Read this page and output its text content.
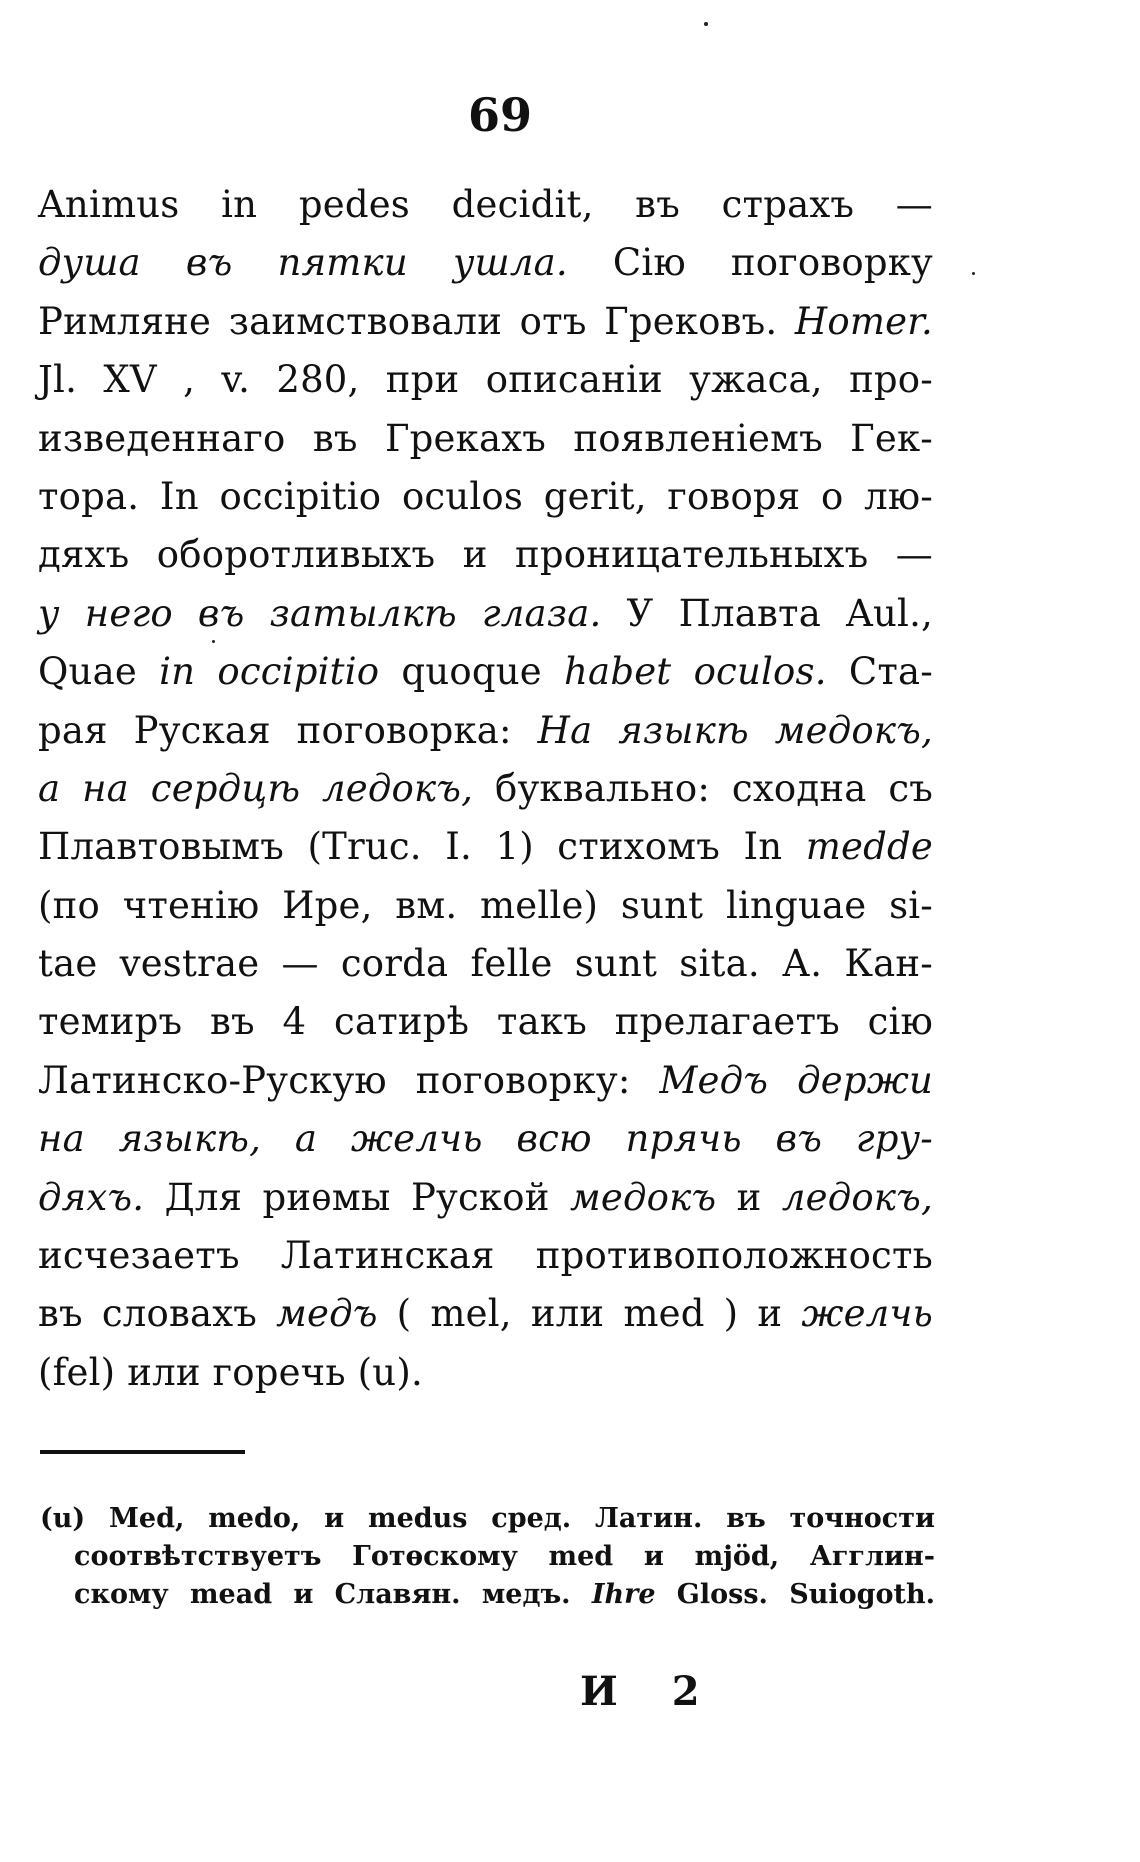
69
Animus in pedes decidit, въ страхъ —
душа въ пятки ушла. Сію поговорку
Римляне заимствовали отъ Грековъ. Homer.
Jl. XV , v. 280, при описаніи ужаса, про-
изведеннаго въ Грекахъ появленіемъ Гек-
тора. In occipitio oculos gerit, говоря о лю-
дяхъ оборотливыхъ и проницательныхъ —
у него въ затылкѣ глаза. У Плавта Aul.,
Quae in occipitio quoque habet oculos. Ста-
рая Руская поговорка: На языкѣ медокъ,
а на сердцѣ ледокъ, буквально: сходна съ
Плавтовымъ (Truc. I. 1) стихомъ In medde
(по чтенію Ире, вм. melle) sunt linguae si-
tae vestrae — corda felle sunt sita. А. Кан-
темиръ въ 4 сатирѣ такъ прелагаетъ сію
Латинско-Рускую поговорку: Медъ держи
на языкѣ, а желчь всю прячь въ гру-
дяхъ. Для риѳмы Руской медокъ и ледокъ,
исчезаетъ Латинская противоположность
въ словахъ медъ ( mel, или med ) и желчь
(fel) или горечь (u).
(u) Med, medo, и medus сред. Латин. въ точности
соотвѣтствуетъ Готѳскому med и mjöd, Агглин-
скому mead и Славян. медъ. Ihre Gloss. Suiogoth.
И 2
